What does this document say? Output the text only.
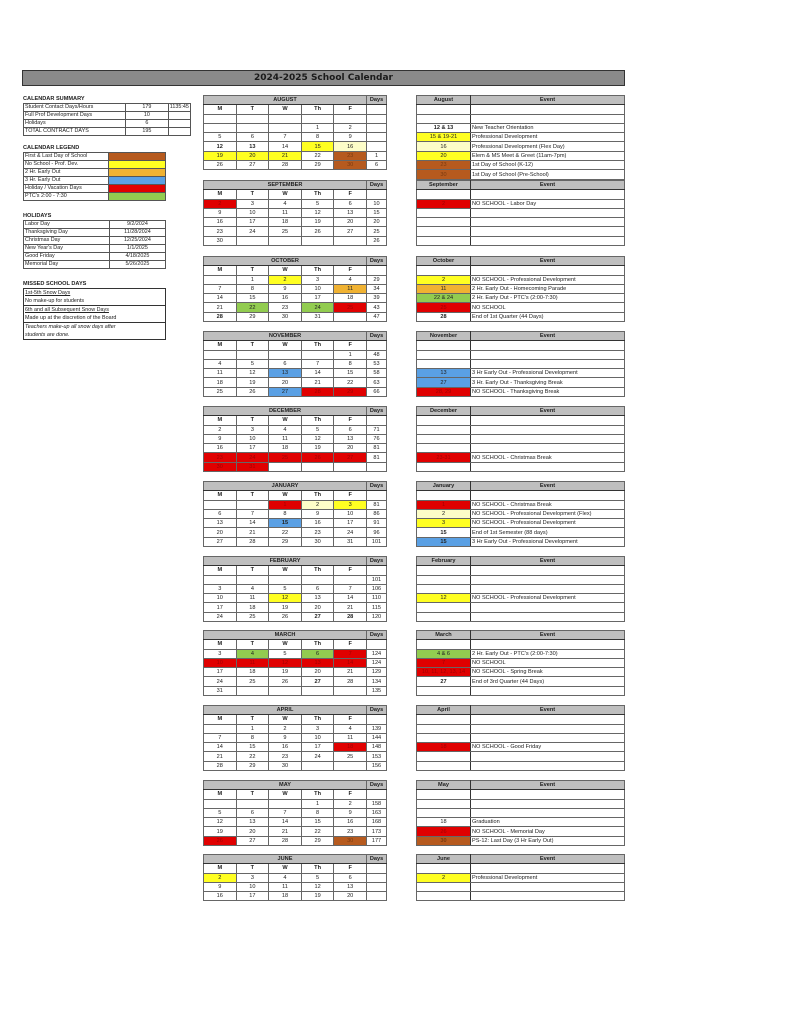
2024-2025 School Calendar
CALENDAR SUMMARY
Student Contact Days/Hours	179	1135:45
Full Prof Development Days	10	
Holidays	6	
TOTAL CONTRACT DAYS	195	
CALENDAR LEGEND
First & Last Day of School	
No School - Prof. Dev.	
2 Hr. Early Out	
3 Hr. Early Out	
Holiday / Vacation Days	
PTC's 2:00 - 7:30	
HOLIDAYS
Labor Day	9/2/2024
Thanksgiving Day	11/28/2024
Christmas Day	12/25/2024
New Year's Day	1/1/2025
Good Friday	4/18/2025
Memorial Day	5/26/2025
MISSED SCHOOL DAYS
1st-5th Snow Days
No make-up for students
6th and all Subsequent Snow Days
Made up at the discretion of the Board
Teachers make-up all snow days after
students are done.
AUGUST					Days
M	T	W	Th	F	

			1	2	
5	6	7	8	9	
12	13	14	15	16	
19	20	21	22	23	1
26	27	28	29	30	6
SEPTEMBER					Days
M	T	W	Th	F	
2	3	4	5	6	10
9	10	11	12	13	15
16	17	18	19	20	20
23	24	25	26	27	25
30					26
OCTOBER					Days
M	T	W	Th	F	
	1	2	3	4	29
7	8	9	10	11	34
14	15	16	17	18	39
21	22	23	24	25	43
28	29	30	31		47
NOVEMBER					Days
M	T	W	Th	F	
				1	48
4	5	6	7	8	53
11	12	13	14	15	58
18	19	20	21	22	63
25	26	27	28	29	66
DECEMBER					Days
M	T	W	Th	F	
2	3	4	5	6	71
9	10	11	12	13	76
16	17	18	19	20	81
23	24	25	26	27	81
30	31				
JANUARY					Days
M	T	W	Th	F	
		1	2	3	81
6	7	8	9	10	86
13	14	15	16	17	91
20	21	22	23	24	96
27	28	29	30	31	101
FEBRUARY					Days
M	T	W	Th	F	
					101
3	4	5	6	7	106
10	11	12	13	14	110
17	18	19	20	21	115
24	25	26	27	28	120
MARCH					Days
M	T	W	Th	F	
3	4	5	6	7	124
10	11	12	13	14	124
17	18	19	20	21	129
24	25	26	27	28	134
31					135
APRIL					Days
M	T	W	Th	F	
	1	2	3	4	139
7	8	9	10	11	144
14	15	16	17	18	148
21	22	23	24	25	153
28	29	30			156
MAY					Days
M	T	W	Th	F	
			1	2	158
5	6	7	8	9	163
12	13	14	15	16	168
19	20	21	22	23	173
26	27	28	29	30	177
JUNE					Days
M	T	W	Th	F	
2	3	4	5	6	
9	10	11	12	13	
16	17	18	19	20	
August	Event

12 & 13	New Teacher Orientation
15 & 19-21	Professional Development
16	Professional Development (Flex Day)
20	Elem & MS Meet & Greet (11am-7pm)
23	1st Day of School (K-12)
30	1st Day of School (Pre-School)
September	Event

2	NO SCHOOL - Labor Day

October	Event

2	NO SCHOOL - Professional Development
11	2 Hr. Early Out - Homecoming Parade
22 & 24	2 Hr. Early Out - PTC's (2:00-7:30)
25	NO SCHOOL
28	End of 1st Quarter (44 Days)
November	Event

13	3 Hr Early Out - Professional Development
27	3 Hr. Early Out - Thanksgiving Break
28, 29	NO SCHOOL - Thanksgiving Break
December	Event

23-31	NO SCHOOL - Christmas Break

January	Event

1	NO SCHOOL - Christmas Break
2	NO SCHOOL - Professional Development (Flex)
3	NO SCHOOL - Professional Development
15	End of 1st Semester (88 days)
15	3 Hr Early Out - Professional Development
February	Event

12	NO SCHOOL - Professional Development

March	Event

4 & 6	2 Hr. Early Out - PTC's (2:00-7:30)
7	NO SCHOOL
10, 11, 12, 13, 14	NO SCHOOL - Spring Break
27	End of 3rd Quarter (44 Days)

April	Event

18	NO SCHOOL - Good Friday

May	Event

18	Graduation
26	NO SCHOOL - Memorial Day
30	PS-12: Last Day (3 Hr Early Out)
June	Event

2	Professional Development
